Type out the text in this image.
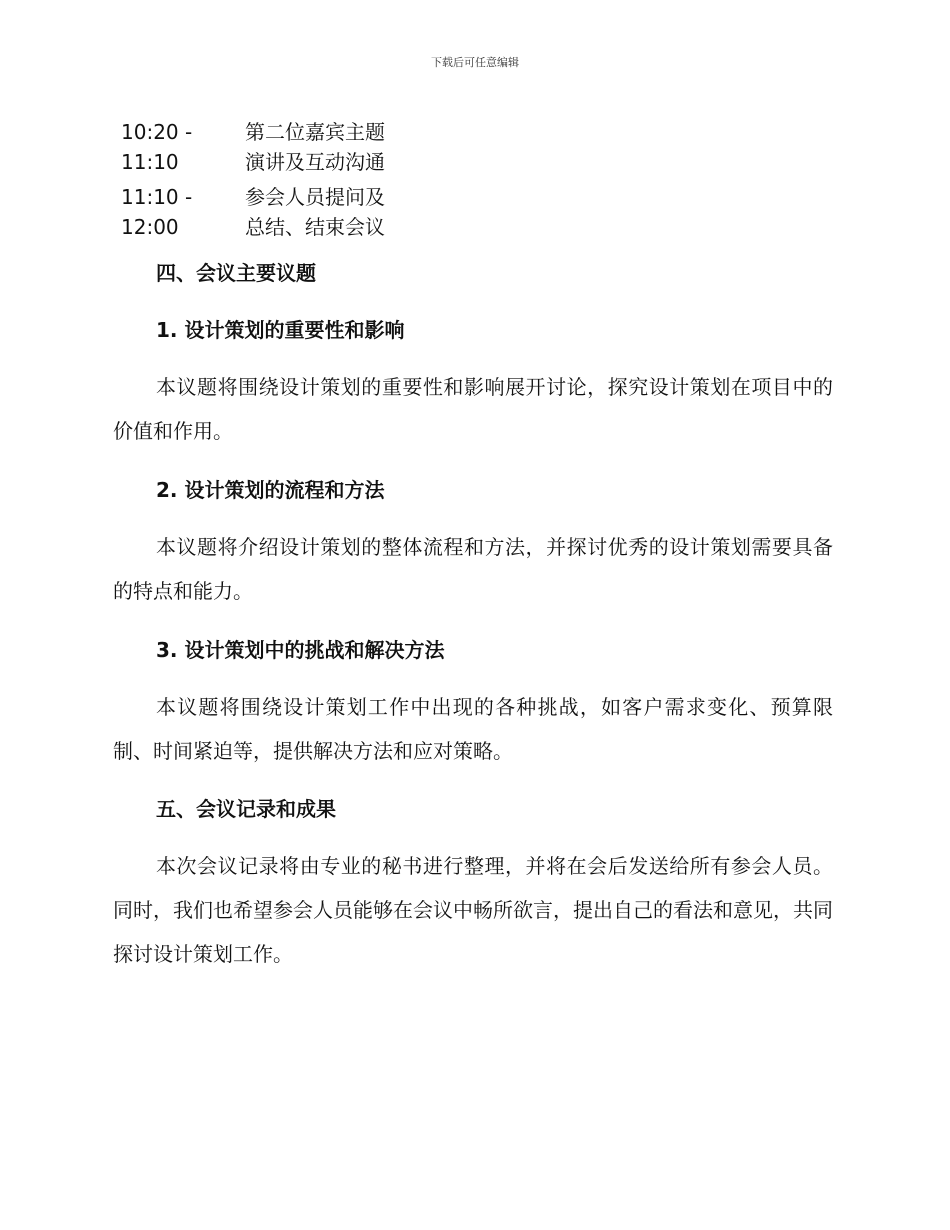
下载后可任意编辑
10:20 -
11:10
第二位嘉宾主题
演讲及互动沟通
11:10 -
12:00
参会人员提问及
总结、结束会议
四、会议主要议题
1. 设计策划的重要性和影响
本议题将围绕设计策划的重要性和影响展开讨论，探究设计策划在项目中的价值和作用。
2. 设计策划的流程和方法
本议题将介绍设计策划的整体流程和方法，并探讨优秀的设计策划需要具备的特点和能力。
3. 设计策划中的挑战和解决方法
本议题将围绕设计策划工作中出现的各种挑战，如客户需求变化、预算限制、时间紧迫等，提供解决方法和应对策略。
五、会议记录和成果
本次会议记录将由专业的秘书进行整理，并将在会后发送给所有参会人员。同时，我们也希望参会人员能够在会议中畅所欲言，提出自己的看法和意见，共同探讨设计策划工作。
